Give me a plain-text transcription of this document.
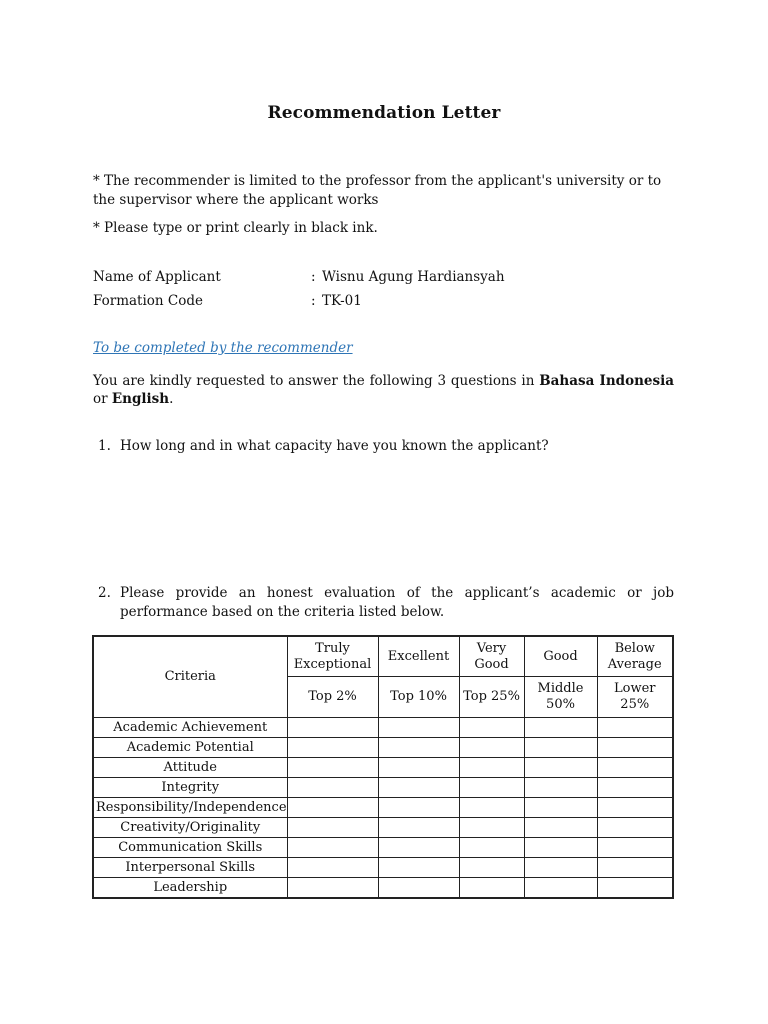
Recommendation Letter
* The recommender is limited to the professor from the applicant's university or to the supervisor where the applicant works
* Please type or print clearly in black ink.
Name of Applicant	: Wisnu Agung Hardiansyah
Formation Code	: TK-01
To be completed by the recommender
You are kindly requested to answer the following 3 questions in Bahasa Indonesia or English.
1. How long and in what capacity have you known the applicant?
2. Please provide an honest evaluation of the applicant’s academic or job performance based on the criteria listed below.
Criteria	Truly Exceptional	Excellent	Very Good	Good	Below Average
	Top 2%	Top 10%	Top 25%	Middle 50%	Lower 25%
Academic Achievement					
Academic Potential					
Attitude					
Integrity					
Responsibility/Independence					
Creativity/Originality					
Communication Skills					
Interpersonal Skills					
Leadership					
